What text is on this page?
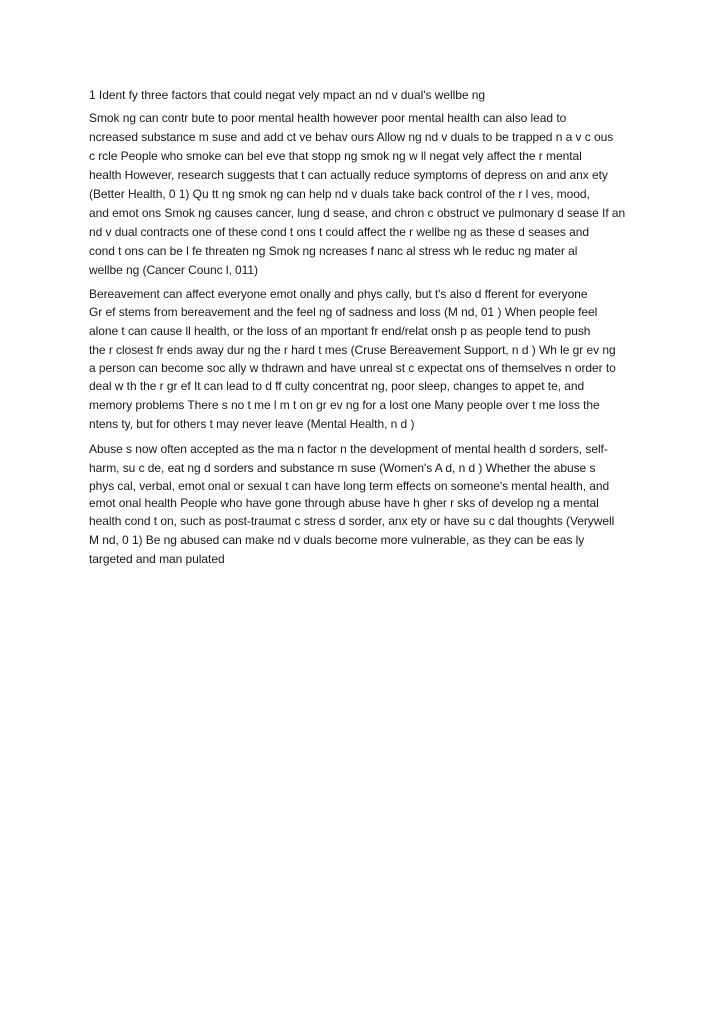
1 Ident fy three factors that could negat vely mpact an nd v dual's wellbe ng
Smok ng can contr bute to poor mental health however poor mental health can also lead to
ncreased substance m suse and add ct ve behav ours Allow ng nd v duals to be trapped n a v c ous
c rcle People who smoke can bel eve that stopp ng smok ng w ll negat vely affect the r mental
health However, research suggests that t can actually reduce symptoms of depress on and anx ety
(Better Health, 0 1) Qu tt ng smok ng can help nd v duals take back control of the r l ves, mood,
and emot ons Smok ng causes cancer, lung d sease, and chron c obstruct ve pulmonary d sease If an
nd v dual contracts one of these cond t ons t could affect the r wellbe ng as these d seases and
cond t ons can be l fe threaten ng Smok ng ncreases f nanc al stress wh le reduc ng mater al
wellbe ng (Cancer Counc l, 011)
Bereavement can affect everyone emot onally and phys cally, but t's also d fferent for everyone
Gr ef stems from bereavement and the feel ng of sadness and loss (M nd, 01 ) When people feel
alone t can cause ll health, or the loss of an mportant fr end/relat onsh p as people tend to push
the r closest fr ends away dur ng the r hard t mes (Cruse Bereavement Support, n d ) Wh le gr ev ng
a person can become soc ally w thdrawn and have unreal st c expectat ons of themselves n order to
deal w th the r gr ef It can lead to d ff culty concentrat ng, poor sleep, changes to appet te, and
memory problems There s no t me l m t on gr ev ng for a lost one Many people over t me loss the
ntens ty, but for others t may never leave (Mental Health, n d )
Abuse s now often accepted as the ma n factor n the development of mental health d sorders, self-
harm, su c de, eat ng d sorders and substance m suse (Women's A d, n d ) Whether the abuse s
phys cal, verbal, emot onal or sexual t can have long term effects on someone's mental health, and
emot onal health People who have gone through abuse have h gher r sks of develop ng a mental
health cond t on, such as post-traumat c stress d sorder, anx ety or have su c dal thoughts (Verywell
M nd, 0 1) Be ng abused can make nd v duals become more vulnerable, as they can be eas ly
targeted and man pulated
